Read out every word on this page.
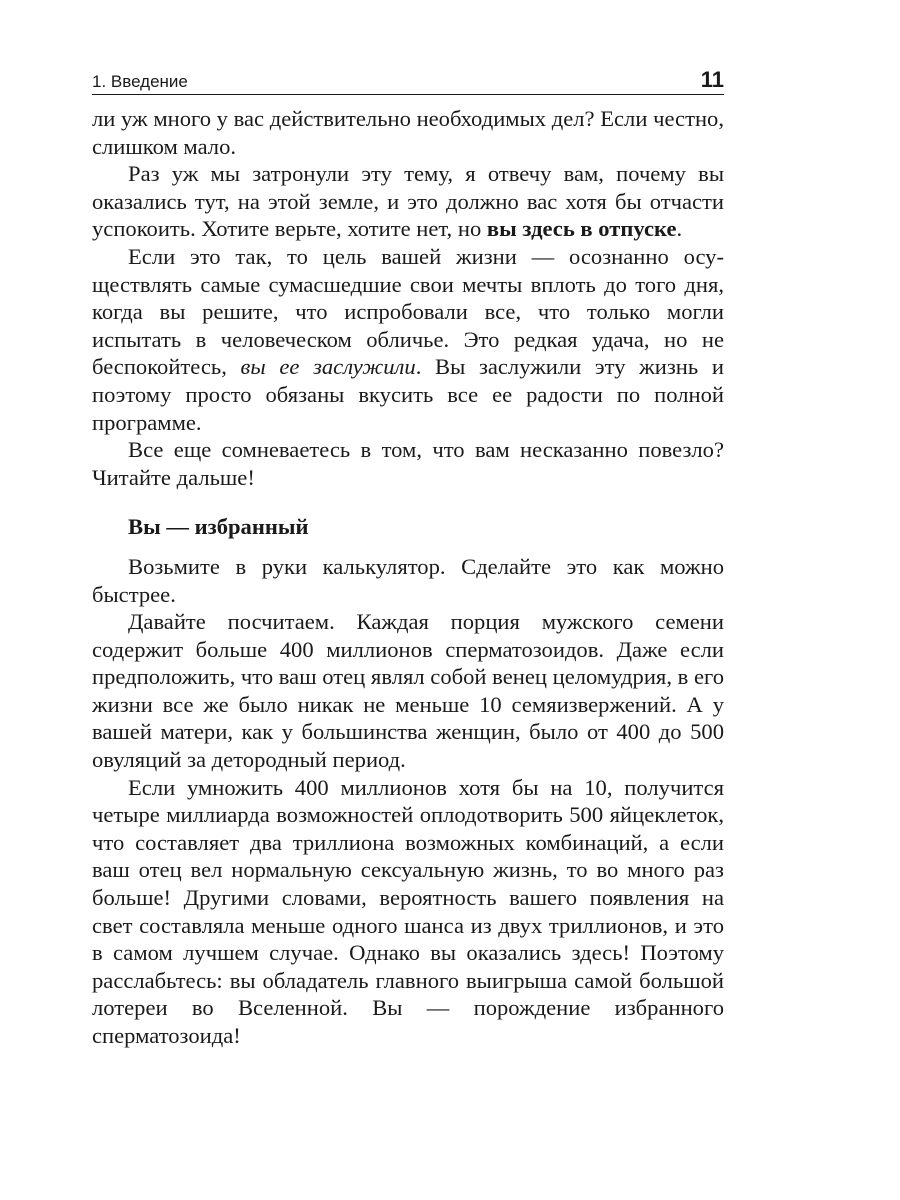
1. Введение	11

ли уж много у вас действительно необходимых дел? Если честно, слишком мало.

Раз уж мы затронули эту тему, я отвечу вам, почему вы оказались тут, на этой земле, и это должно вас хотя бы отчасти успокоить. Хотите верьте, хотите нет, но вы здесь в отпуске.

Если это так, то цель вашей жизни — осознанно осуществлять самые сумасшедшие свои мечты вплоть до того дня, когда вы решите, что испробовали все, что только могли испытать в человеческом обличье. Это редкая удача, но не беспокойтесь, вы ее заслужили. Вы заслужили эту жизнь и поэтому просто обязаны вкусить все ее радости по полной программе.

Все еще сомневаетесь в том, что вам несказанно повезло? Читайте дальше!

Вы — избранный

Возьмите в руки калькулятор. Сделайте это как можно быстрее.

Давайте посчитаем. Каждая порция мужского семени содержит больше 400 миллионов сперматозоидов. Даже если предположить, что ваш отец являл собой венец целомудрия, в его жизни все же было никак не меньше 10 семяизвержений. А у вашей матери, как у большинства женщин, было от 400 до 500 овуляций за детородный период.

Если умножить 400 миллионов хотя бы на 10, получится четыре миллиарда возможностей оплодотворить 500 яйцеклеток, что составляет два триллиона возможных комбинаций, а если ваш отец вел нормальную сексуальную жизнь, то во много раз больше! Другими словами, вероятность вашего появления на свет составляла меньше одного шанса из двух триллионов, и это в самом лучшем случае. Однако вы оказались здесь! Поэтому расслабьтесь: вы обладатель главного выигрыша самой большой лотереи во Вселенной. Вы — порождение избранного сперматозоида!
